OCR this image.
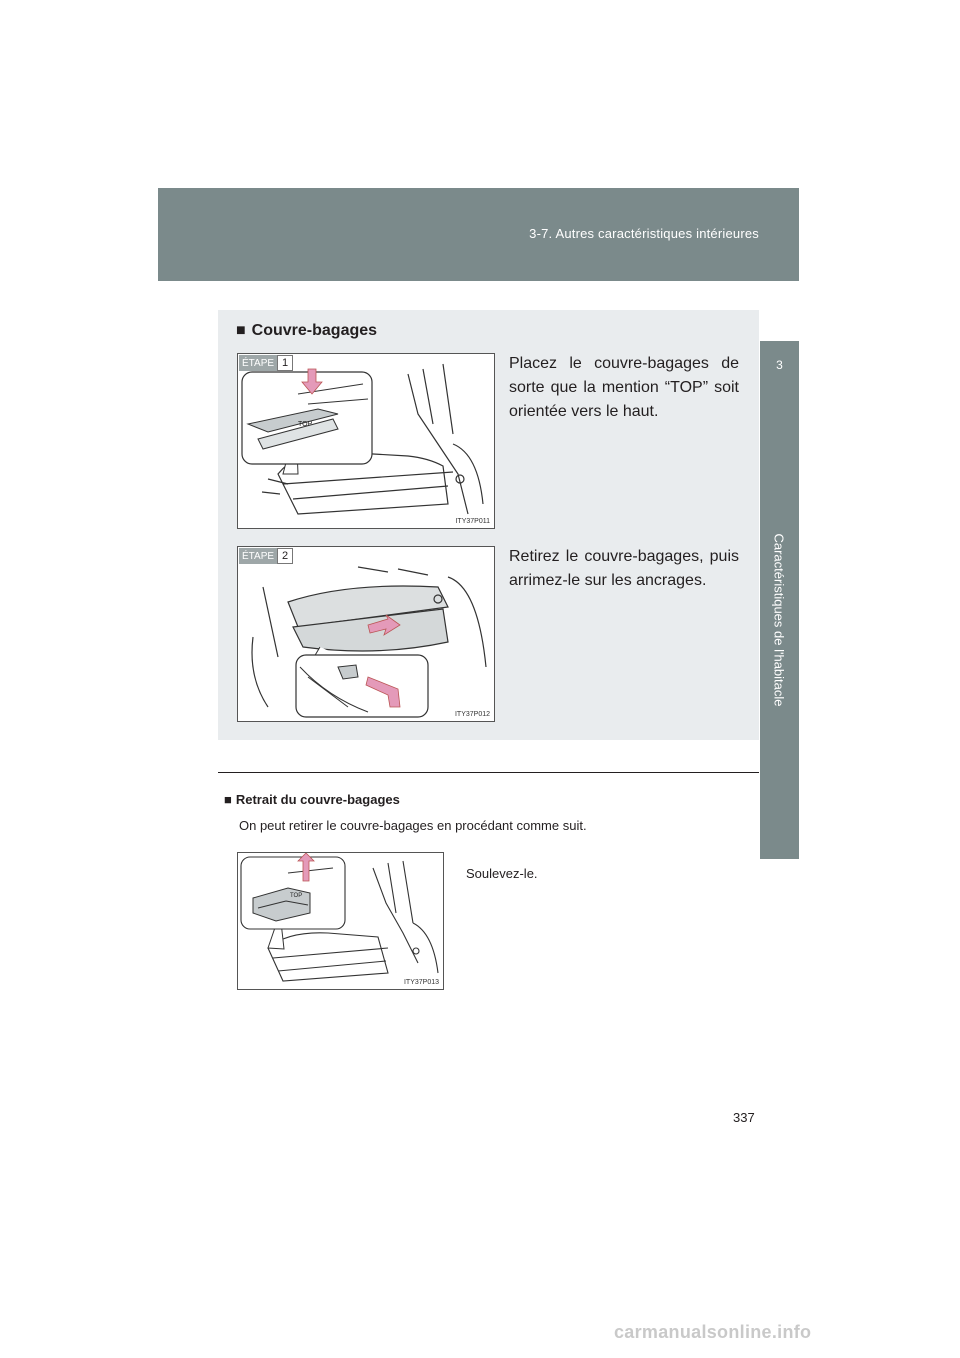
3-7. Autres caractéristiques intérieures
3
Caractéristiques de l'habitacle
■ Couvre-bagages
TOP
ÉTAPE 1
ITY37P011
Placez le couvre-bagages de sorte que la mention “TOP” soit orientée vers le haut.
ÉTAPE 2
ITY37P012
Retirez le couvre-bagages, puis arrimez-le sur les ancrages.
■ Retrait du couvre-bagages
On peut retirer le couvre-bagages en procédant comme suit.
TOP
ITY37P013
Soulevez-le.
337
carmanualsonline.info
